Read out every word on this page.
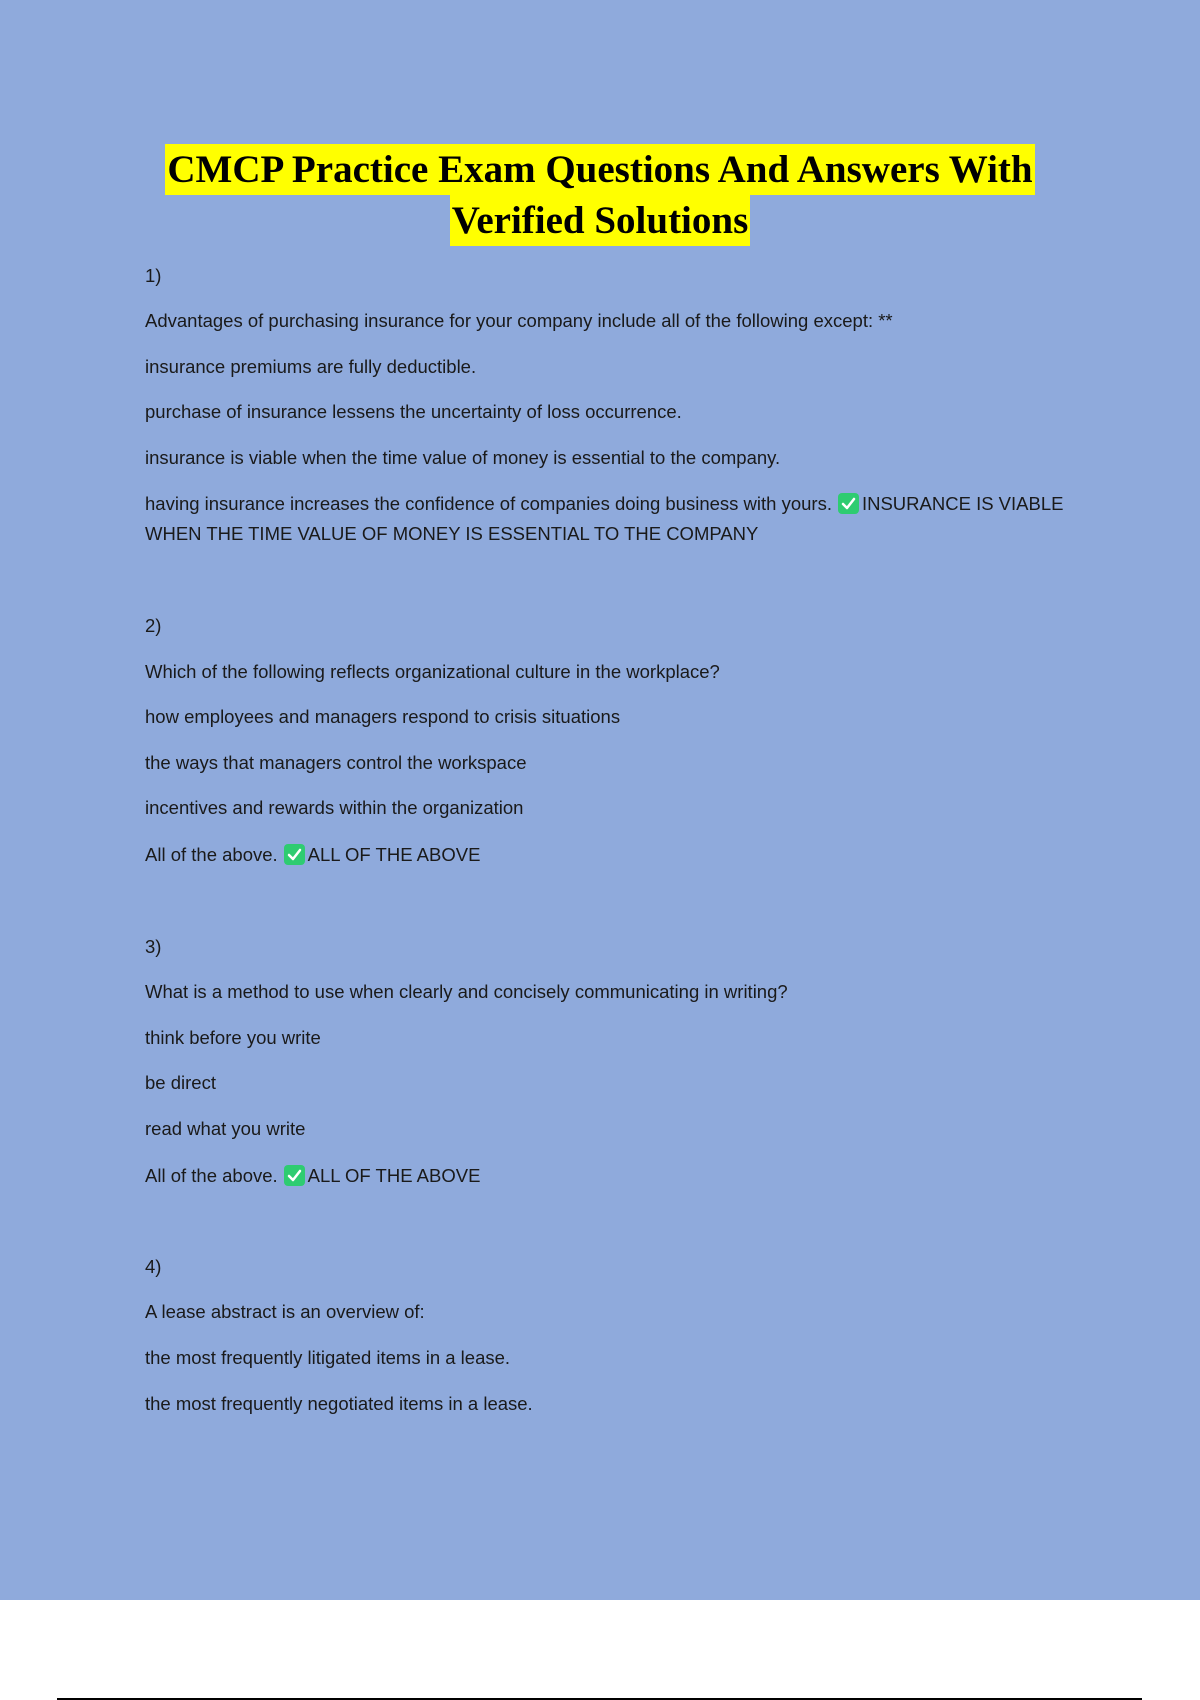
CMCP Practice Exam Questions And Answers With
Verified Solutions
1)
Advantages of purchasing insurance for your company include all of the following except: **
insurance premiums are fully deductible.
purchase of insurance lessens the uncertainty of loss occurrence.
insurance is viable when the time value of money is essential to the company.
having insurance increases the confidence of companies doing business with yours. INSURANCE IS VIABLE WHEN THE TIME VALUE OF MONEY IS ESSENTIAL TO THE COMPANY
2)
Which of the following reflects organizational culture in the workplace?
how employees and managers respond to crisis situations
the ways that managers control the workspace
incentives and rewards within the organization
All of the above. ALL OF THE ABOVE
3)
What is a method to use when clearly and concisely communicating in writing?
think before you write
be direct
read what you write
All of the above. ALL OF THE ABOVE
4)
A lease abstract is an overview of:
the most frequently litigated items in a lease.
the most frequently negotiated items in a lease.
